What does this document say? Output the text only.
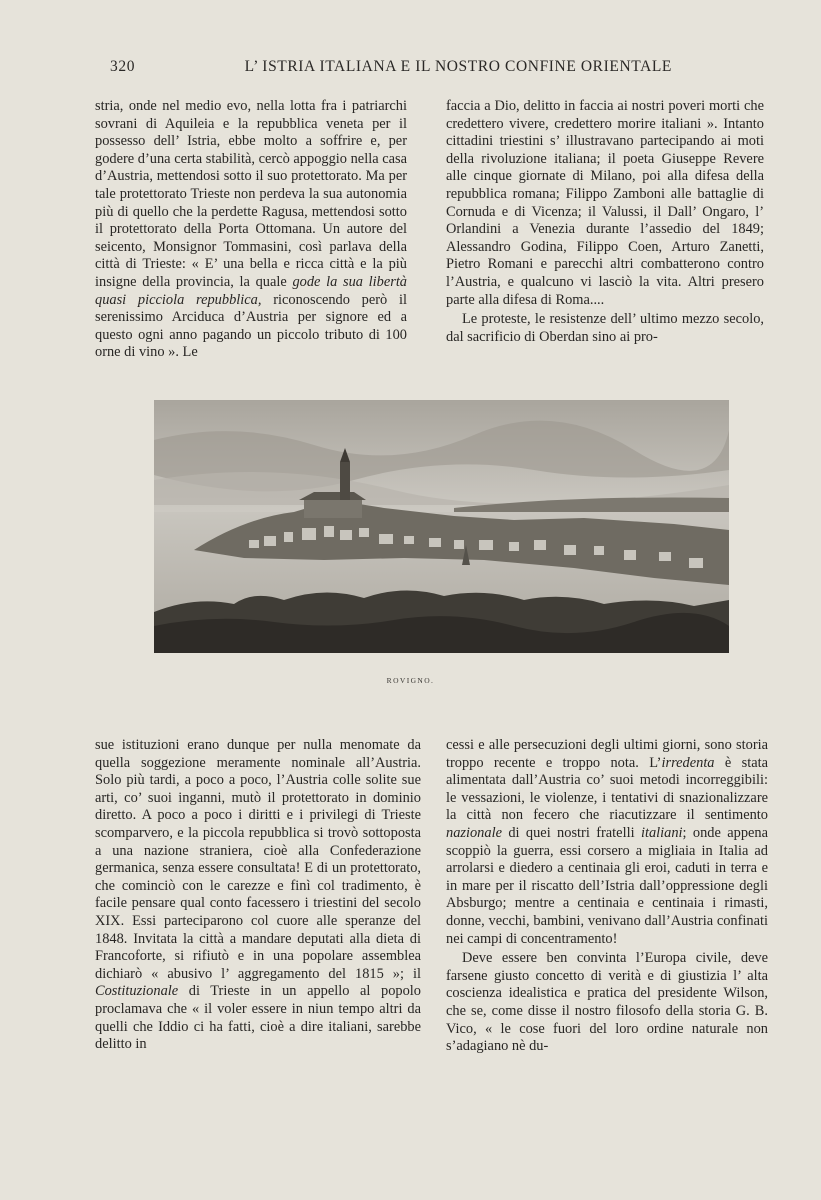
320	L’ ISTRIA ITALIANA E IL NOSTRO CONFINE ORIENTALE

stria, onde nel medio evo, nella lotta fra i patriarchi sovrani di Aquileia e la repubblica veneta per il possesso dell’ Istria, ebbe molto a soffrire e, per godere d’una certa stabilità, cercò appoggio nella casa d’Austria, mettendosi sotto il suo protettorato. Ma per tale protettorato Trieste non perdeva la sua autonomia più di quello che la perdette Ragusa, mettendosi sotto il protettorato della Porta Ottomana. Un autore del seicento, Monsignor Tommasini, così parlava della città di Trieste: « E’ una bella e ricca città e la più insigne della provincia, la quale gode la sua libertà quasi picciola repubblica, riconoscendo però il serenissimo Arciduca d’Austria per signore ed a questo ogni anno pagando un piccolo tributo di 100 orne di vino ». Le

faccia a Dio, delitto in faccia ai nostri poveri morti che credettero vivere, credettero morire italiani ». Intanto cittadini triestini s’ illustravano partecipando ai moti della rivoluzione italiana; il poeta Giuseppe Revere alle cinque giornate di Milano, poi alla difesa della repubblica romana; Filippo Zamboni alle battaglie di Cornuda e di Vicenza; il Valussi, il Dall’ Ongaro, l’ Orlandini a Venezia durante l’assedio del 1849; Alessandro Godina, Filippo Coen, Arturo Zanetti, Pietro Romani e parecchi altri combatterono contro l’Austria, e qualcuno vi lasciò la vita. Altri presero parte alla difesa di Roma....

Le proteste, le resistenze dell’ ultimo mezzo secolo, dal sacrificio di Oberdan sino ai pro-

ROVIGNO.

sue istituzioni erano dunque per nulla menomate da quella soggezione meramente nominale all’Austria. Solo più tardi, a poco a poco, l’Austria colle solite sue arti, co’ suoi inganni, mutò il protettorato in dominio diretto. A poco a poco i diritti e i privilegi di Trieste scomparvero, e la piccola repubblica si trovò sottoposta a una nazione straniera, cioè alla Confederazione germanica, senza essere consultata! E di un protettorato, che cominciò con le carezze e finì col tradimento, è facile pensare qual conto facessero i triestini del secolo XIX. Essi parteciparono col cuore alle speranze del 1848. Invitata la città a mandare deputati alla dieta di Francoforte, si rifiutò e in una popolare assemblea dichiarò « abusivo l’ aggregamento del 1815 »; il Costituzionale di Trieste in un appello al popolo proclamava che « il voler essere in niun tempo altri da quelli che Iddio ci ha fatti, cioè a dire italiani, sarebbe delitto in

cessi e alle persecuzioni degli ultimi giorni, sono storia troppo recente e troppo nota. L’irredenta è stata alimentata dall’Austria co’ suoi metodi incorreggibili: le vessazioni, le violenze, i tentativi di snazionalizzare la città non fecero che riacutizzare il sentimento nazionale di quei nostri fratelli italiani; onde appena scoppiò la guerra, essi corsero a migliaia in Italia ad arrolarsi e diedero a centinaia gli eroi, caduti in terra e in mare per il riscatto dell’Istria dall’oppressione degli Absburgo; mentre a centinaia e centinaia i rimasti, donne, vecchi, bambini, venivano dall’Austria confinati nei campi di concentramento!

Deve essere ben convinta l’Europa civile, deve farsene giusto concetto di verità e di giustizia l’ alta coscienza idealistica e pratica del presidente Wilson, che se, come disse il nostro filosofo della storia G. B. Vico, « le cose fuori del loro ordine naturale non s’adagiano nè du-
